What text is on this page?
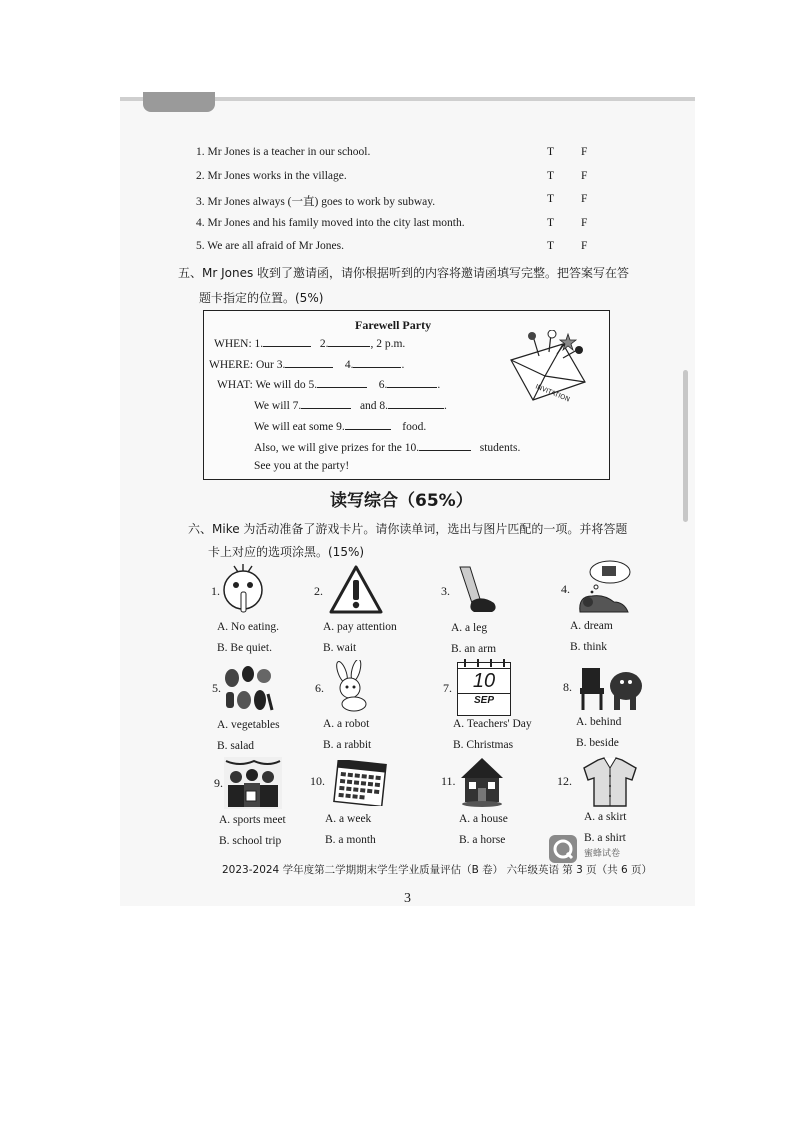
1. Mr Jones is a teacher in our school.	T F
2. Mr Jones works in the village.	T F
3. Mr Jones always (一直) goes to work by subway.	T F
4. Mr Jones and his family moved into the city last month.	T F
5. We are all afraid of Mr Jones.	T F
五、Mr Jones 收到了邀请函，请你根据听到的内容将邀请函填写完整。把答案写在答
题卡指定的位置。(5%)
Farewell Party
WHEN: 1.	2.	, 2 p.m.
WHERE: Our 3.	4.	.
WHAT: We will do 5.	6.	.
We will 7.	and 8.	.
We will eat some 9.	food.
Also, we will give prizes for the 10.	students.
See you at the party!
INVITATION
读写综合（65%）
六、Mike 为活动准备了游戏卡片。请你读单词，选出与图片匹配的一项。并将答题
卡上对应的选项涂黑。(15%)
1.
A. No eating.
B. Be quiet.
2.
A. pay attention
B. wait
3.
A. a leg
B. an arm
4.
A. dream
B. think
5.
A. vegetables
B. salad
6.
A. a robot
B. a rabbit
7.	10
SEP
A. Teachers' Day
B. Christmas
8.
A. behind
B. beside
9.
A. sports meet
B. school trip
10.
A. a week
B. a month
11.
A. a house
B. a horse
12.
A. a skirt
B. a shirt
蜜蜂试卷
2023-2024 学年度第二学期期末学生学业质量评估（B 卷） 六年级英语 第 3 页（共 6 页）
3
